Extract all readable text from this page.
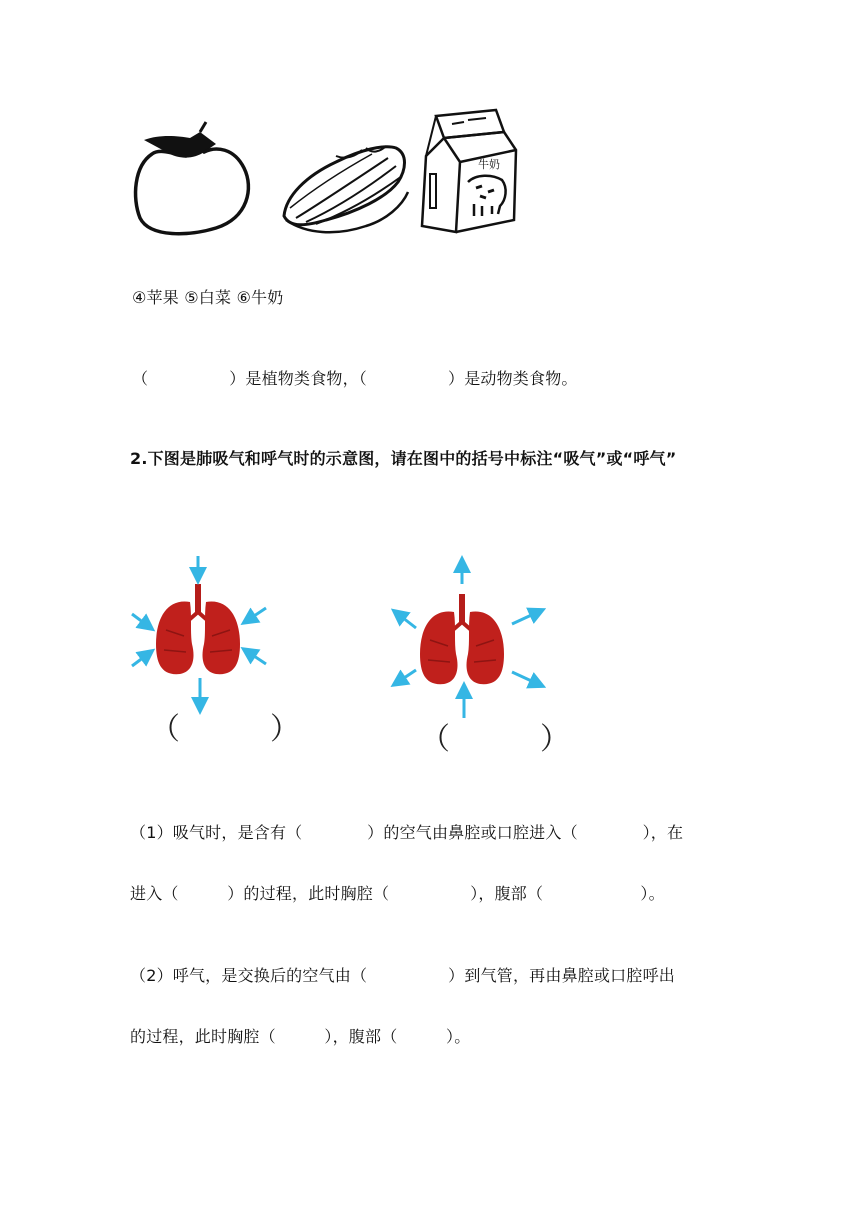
牛奶
④苹果 ⑤白菜 ⑥牛奶
（　　　　　）是植物类食物，（　　　　　）是动物类食物。
2.下图是肺吸气和呼气时的示意图，请在图中的括号中标注“吸气”或“呼气”
（　　　）	（　　　）
（1）吸气时，是含有（　　　　）的空气由鼻腔或口腔进入（　　　　），在
进入（　　　）的过程，此时胸腔（　　　　　），腹部（　　　　　　）。
（2）呼气，是交换后的空气由（　　　　　）到气管，再由鼻腔或口腔呼出
的过程，此时胸腔（　　　），腹部（　　　）。
